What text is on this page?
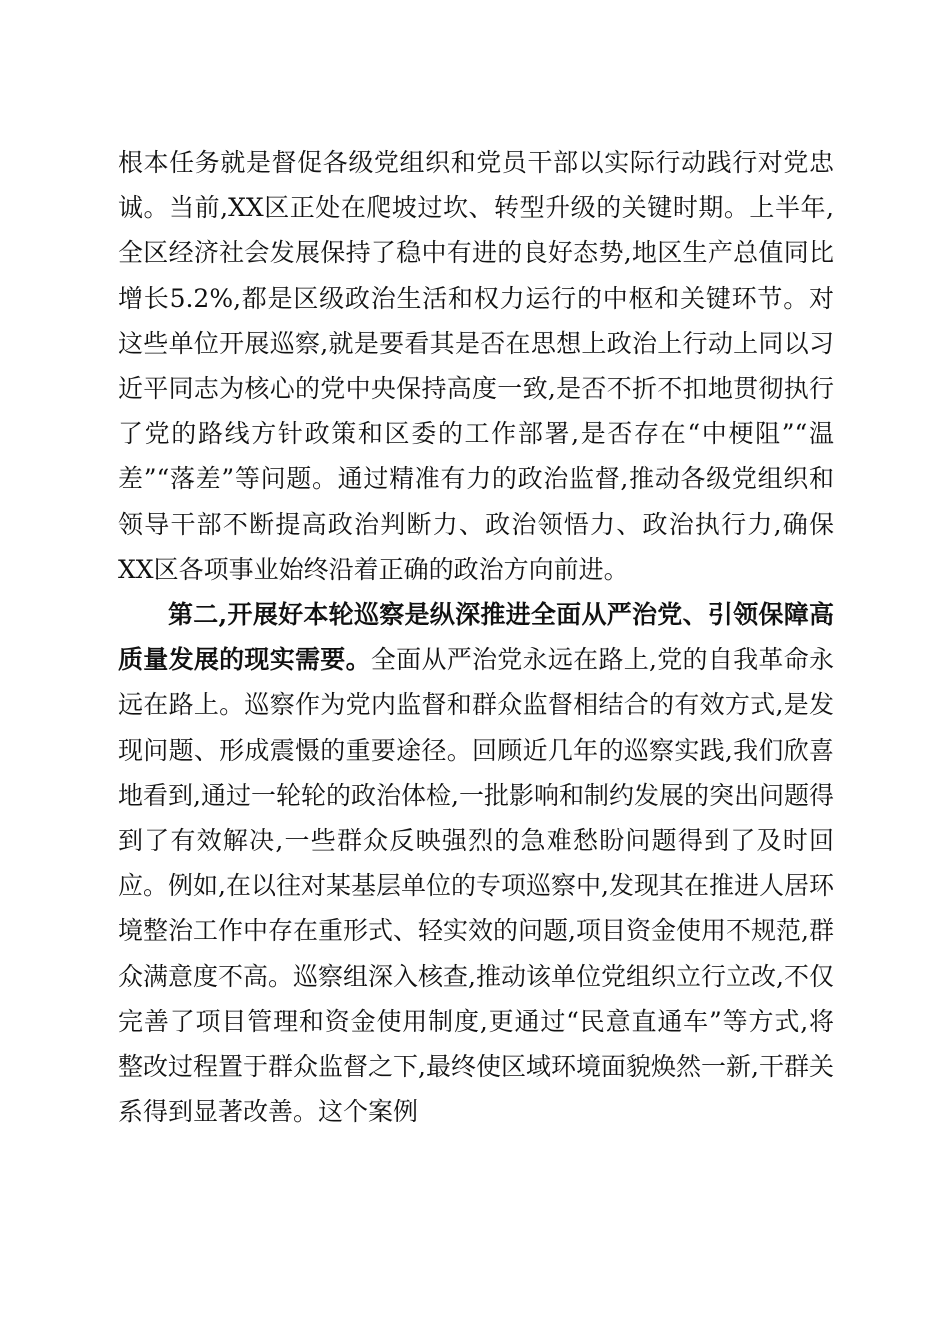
根本任务就是督促各级党组织和党员干部以实际行动践行对党忠诚。当前,XX区正处在爬坡过坎、转型升级的关键时期。上半年,全区经济社会发展保持了稳中有进的良好态势,地区生产总值同比增长5.2%,都是区级政治生活和权力运行的中枢和关键环节。对这些单位开展巡察,就是要看其是否在思想上政治上行动上同以习近平同志为核心的党中央保持高度一致,是否不折不扣地贯彻执行了党的路线方针政策和区委的工作部署,是否存在“中梗阻”“温差”“落差”等问题。通过精准有力的政治监督,推动各级党组织和领导干部不断提高政治判断力、政治领悟力、政治执行力,确保XX区各项事业始终沿着正确的政治方向前进。

第二,开展好本轮巡察是纵深推进全面从严治党、引领保障高质量发展的现实需要。全面从严治党永远在路上,党的自我革命永远在路上。巡察作为党内监督和群众监督相结合的有效方式,是发现问题、形成震慑的重要途径。回顾近几年的巡察实践,我们欣喜地看到,通过一轮轮的政治体检,一批影响和制约发展的突出问题得到了有效解决,一些群众反映强烈的急难愁盼问题得到了及时回应。例如,在以往对某基层单位的专项巡察中,发现其在推进人居环境整治工作中存在重形式、轻实效的问题,项目资金使用不规范,群众满意度不高。巡察组深入核查,推动该单位党组织立行立改,不仅完善了项目管理和资金使用制度,更通过“民意直通车”等方式,将整改过程置于群众监督之下,最终使区域环境面貌焕然一新,干群关系得到显著改善。这个案例
